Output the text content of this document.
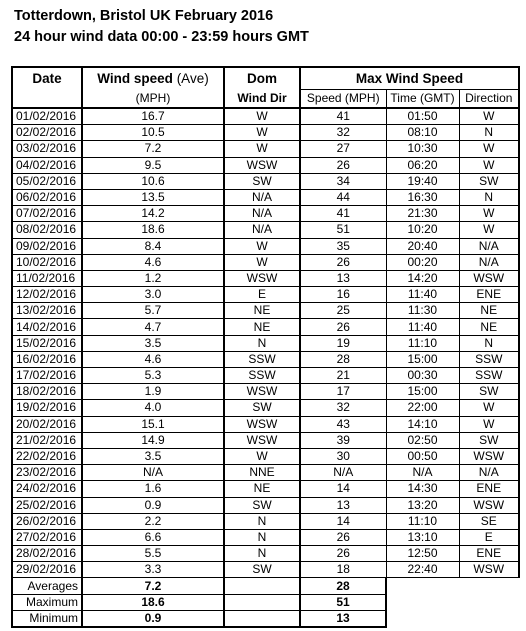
Totterdown, Bristol UK February 2016
24 hour wind data 00:00 - 23:59 hours GMT
Date	Wind speed (Ave)	Dom	Max Wind Speed		
	(MPH)	Wind Dir	Speed (MPH)	Time (GMT)	Direction
01/02/2016	16.7	W	41	01:50	W
02/02/2016	10.5	W	32	08:10	N
03/02/2016	7.2	W	27	10:30	W
04/02/2016	9.5	WSW	26	06:20	W
05/02/2016	10.6	SW	34	19:40	SW
06/02/2016	13.5	N/A	44	16:30	N
07/02/2016	14.2	N/A	41	21:30	W
08/02/2016	18.6	N/A	51	10:20	W
09/02/2016	8.4	W	35	20:40	N/A
10/02/2016	4.6	W	26	00:20	N/A
11/02/2016	1.2	WSW	13	14:20	WSW
12/02/2016	3.0	E	16	11:40	ENE
13/02/2016	5.7	NE	25	11:30	NE
14/02/2016	4.7	NE	26	11:40	NE
15/02/2016	3.5	N	19	11:10	N
16/02/2016	4.6	SSW	28	15:00	SSW
17/02/2016	5.3	SSW	21	00:30	SSW
18/02/2016	1.9	WSW	17	15:00	SW
19/02/2016	4.0	SW	32	22:00	W
20/02/2016	15.1	WSW	43	14:10	W
21/02/2016	14.9	WSW	39	02:50	SW
22/02/2016	3.5	W	30	00:50	WSW
23/02/2016	N/A	NNE	N/A	N/A	N/A
24/02/2016	1.6	NE	14	14:30	ENE
25/02/2016	0.9	SW	13	13:20	WSW
26/02/2016	2.2	N	14	11:10	SE
27/02/2016	6.6	N	26	13:10	E
28/02/2016	5.5	N	26	12:50	ENE
29/02/2016	3.3	SW	18	22:40	WSW
Averages	7.2		28		
Maximum	18.6		51		
Minimum	0.9		13		
